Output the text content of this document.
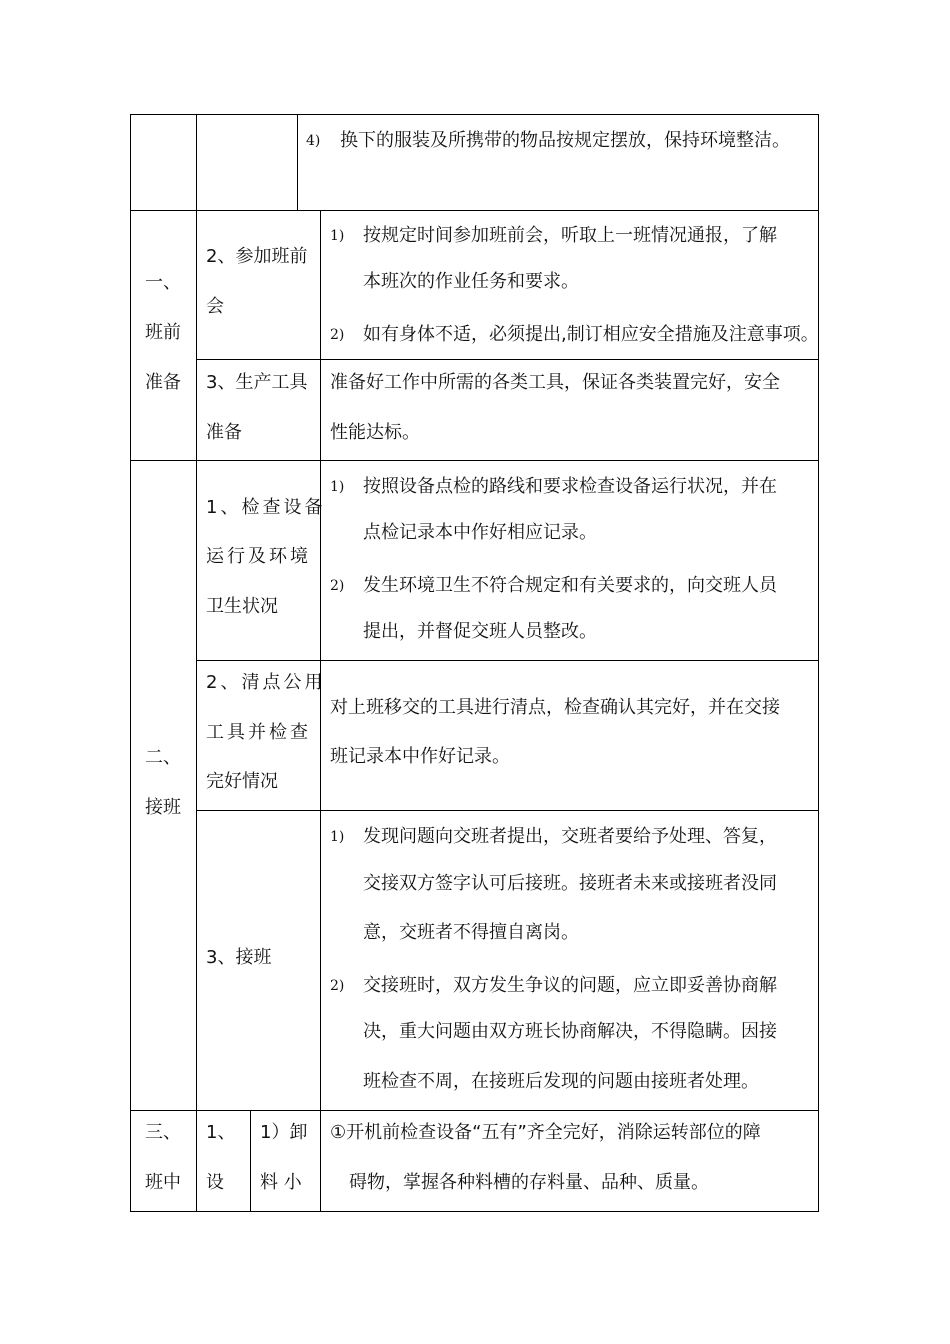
4) 换下的服装及所携带的物品按规定摆放，保持环境整洁。
一、
班前
准备
2、参加班前
会
1) 按规定时间参加班前会，听取上一班情况通报，了解
本班次的作业任务和要求。
2) 如有身体不适，必须提出,制订相应安全措施及注意事项。
3、生产工具
准备
准备好工作中所需的各类工具，保证各类装置完好，安全
性能达标。
二、
接班
1、检查设备
运行及环境
卫生状况
1) 按照设备点检的路线和要求检查设备运行状况，并在
点检记录本中作好相应记录。
2) 发生环境卫生不符合规定和有关要求的，向交班人员
提出，并督促交班人员整改。
2、清点公用
工具并检查
完好情况
对上班移交的工具进行清点，检查确认其完好，并在交接
班记录本中作好记录。
3、接班
1) 发现问题向交班者提出，交班者要给予处理、答复，
交接双方签字认可后接班。接班者未来或接班者没同
意，交班者不得擅自离岗。
2) 交接班时，双方发生争议的问题，应立即妥善协商解
决，重大问题由双方班长协商解决，不得隐瞒。因接
班检查不周，在接班后发现的问题由接班者处理。
三、
班中
1、
设
1）卸
料 小
①开机前检查设备“五有”齐全完好，消除运转部位的障
碍物，掌握各种料槽的存料量、品种、质量。
